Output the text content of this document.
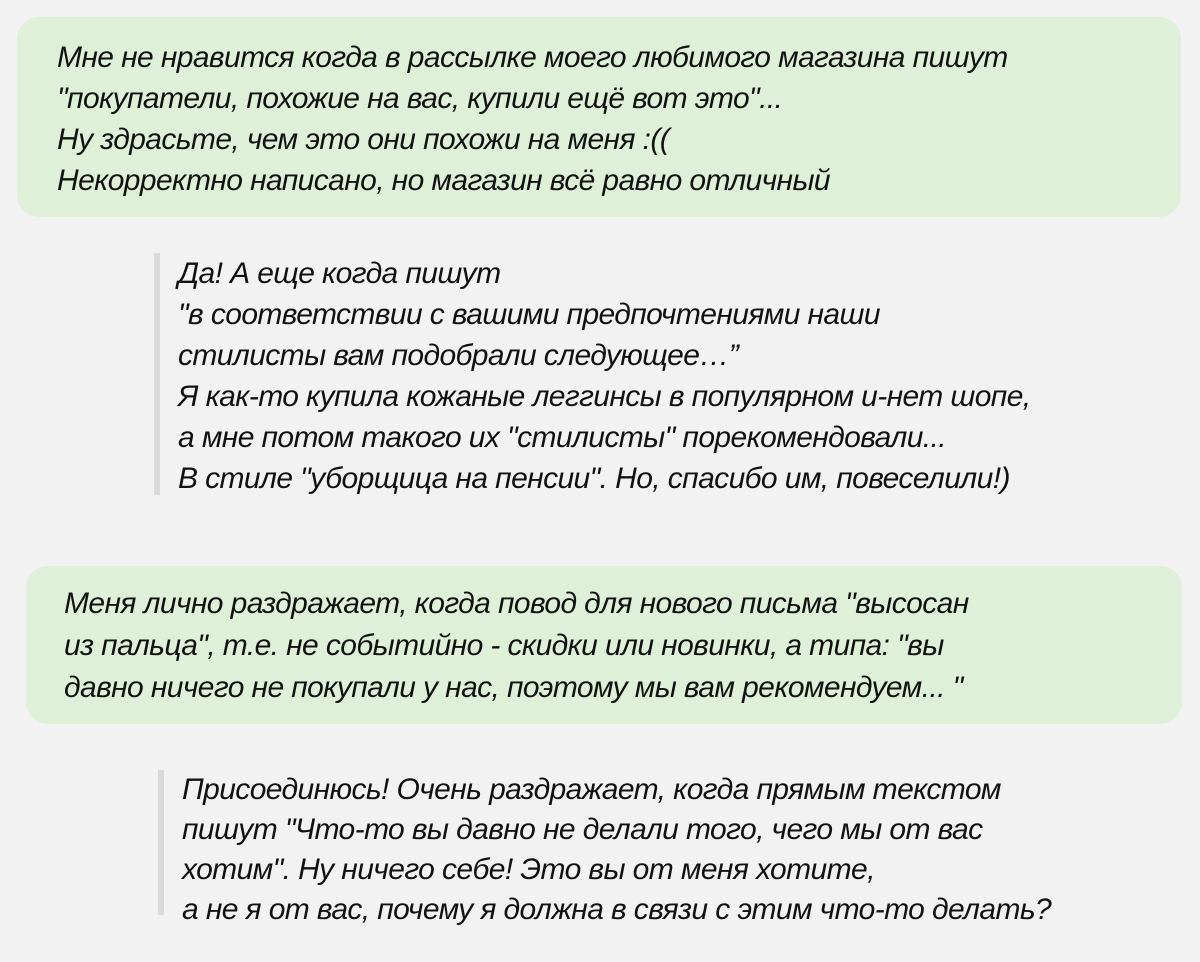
Мне не нравится когда в рассылке моего любимого магазина пишут
"покупатели, похожие на вас, купили ещё вот это"...
Ну здрасьте, чем это они похожи на меня :((
Некорректно написано, но магазин всё равно отличный
Да! А еще когда пишут
"в соответствии с вашими предпочтениями наши
стилисты вам подобрали следующее…”
Я как-то купила кожаные леггинсы в популярном и-нет шопе,
а мне потом такого их "стилисты" порекомендовали...
В стиле "уборщица на пенсии". Но, спасибо им, повеселили!)
Меня лично раздражает, когда повод для нового письма "высосан
из пальца", т.е. не событийно - скидки или новинки, а типа: "вы
давно ничего не покупали у нас, поэтому мы вам рекомендуем... "
Присоединюсь! Очень раздражает, когда прямым текстом
пишут "Что-то вы давно не делали того, чего мы от вас
хотим". Ну ничего себе! Это вы от меня хотите,
а не я от вас, почему я должна в связи с этим что-то делать?
